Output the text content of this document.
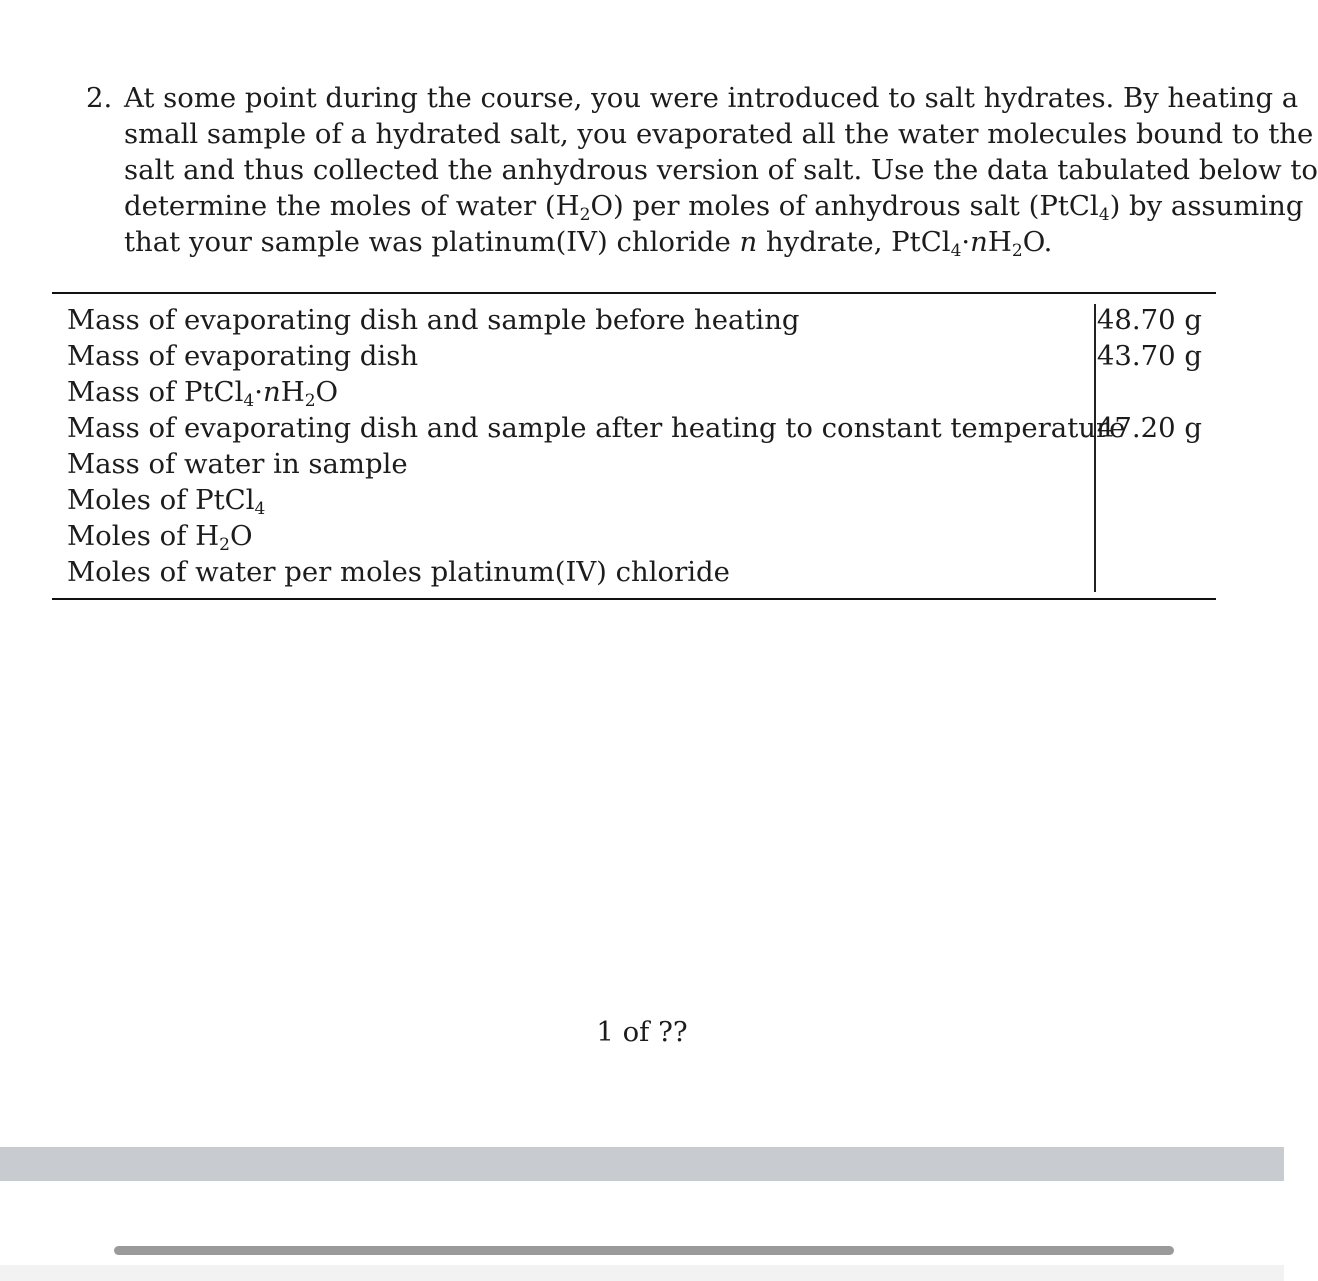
2. At some point during the course, you were introduced to salt hydrates. By heating a
small sample of a hydrated salt, you evaporated all the water molecules bound to the
salt and thus collected the anhydrous version of salt. Use the data tabulated below to
determine the moles of water $(H_2O)$ per moles of anhydrous salt (PtCl$_4$) by assuming
that your sample was platinum(IV) chloride n hydrate, $PtCl_4\cdot nH_2O$.
Mass of evaporating dish and sample before heating	48.70 g
Mass of evaporating dish	43.70 g
Mass of $PtCl_4\cdot nH_2O$
Mass of evaporating dish and sample after heating to constant temperature
47.20 g
Mass of water in sample
Moles of PtCl$_4$
Moles of $H_2O$
Moles of water per moles platinum(IV) chloride
1 of ??
